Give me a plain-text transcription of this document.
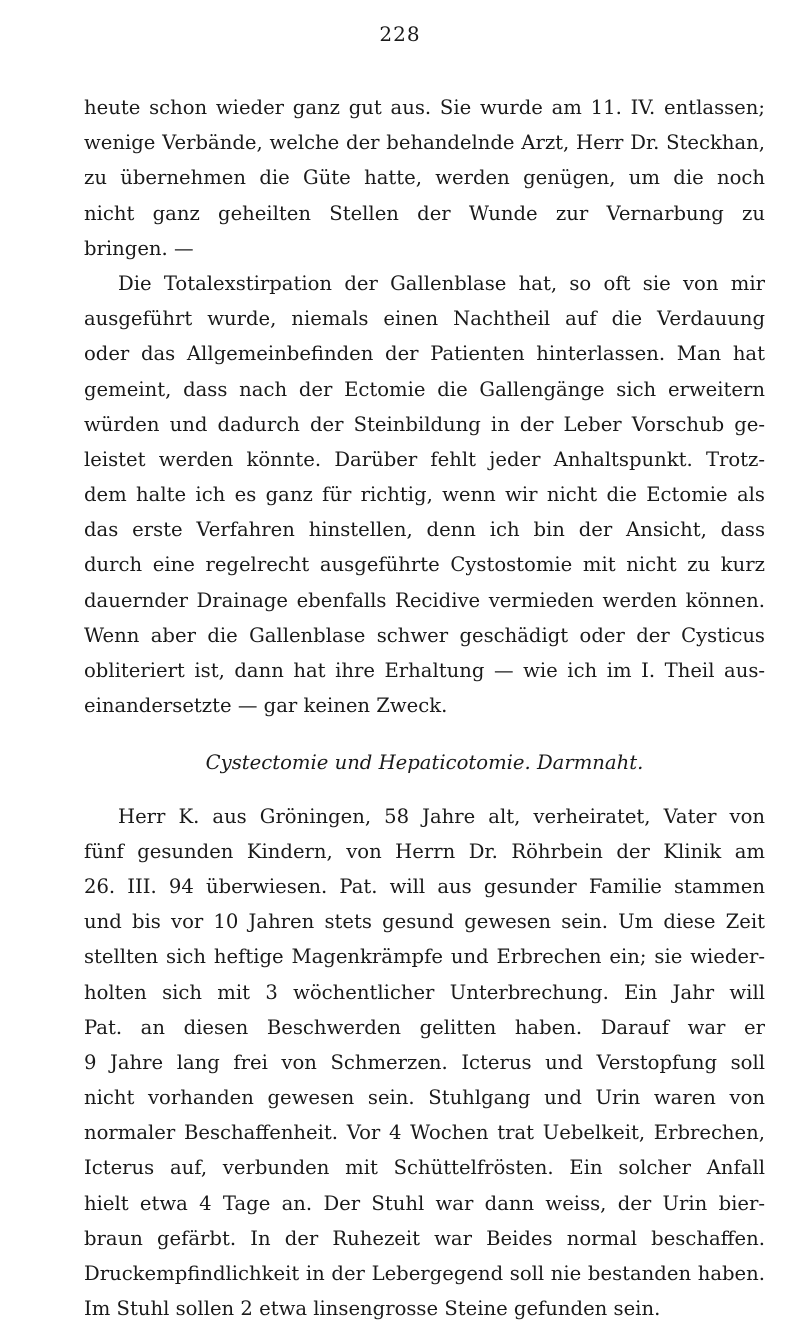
228
heute schon wieder ganz gut aus. Sie wurde am 11. IV. entlassen;
wenige Verbände, welche der behandelnde Arzt, Herr Dr. Steckhan,
zu übernehmen die Güte hatte, werden genügen, um die noch
nicht ganz geheilten Stellen der Wunde zur Vernarbung zu
bringen. —
Die Totalexstirpation der Gallenblase hat, so oft sie von mir
ausgeführt wurde, niemals einen Nachtheil auf die Verdauung
oder das Allgemeinbefinden der Patienten hinterlassen. Man hat
gemeint, dass nach der Ectomie die Gallengänge sich erweitern
würden und dadurch der Steinbildung in der Leber Vorschub ge-
leistet werden könnte. Darüber fehlt jeder Anhaltspunkt. Trotz-
dem halte ich es ganz für richtig, wenn wir nicht die Ectomie als
das erste Verfahren hinstellen, denn ich bin der Ansicht, dass
durch eine regelrecht ausgeführte Cystostomie mit nicht zu kurz
dauernder Drainage ebenfalls Recidive vermieden werden können.
Wenn aber die Gallenblase schwer geschädigt oder der Cysticus
obliteriert ist, dann hat ihre Erhaltung — wie ich im I. Theil aus-
einandersetzte — gar keinen Zweck.
Cystectomie und Hepaticotomie. Darmnaht.
Herr K. aus Gröningen, 58 Jahre alt, verheiratet, Vater von
fünf gesunden Kindern, von Herrn Dr. Röhrbein der Klinik am
26. III. 94 überwiesen. Pat. will aus gesunder Familie stammen
und bis vor 10 Jahren stets gesund gewesen sein. Um diese Zeit
stellten sich heftige Magenkrämpfe und Erbrechen ein; sie wieder-
holten sich mit 3 wöchentlicher Unterbrechung. Ein Jahr will
Pat. an diesen Beschwerden gelitten haben. Darauf war er
9 Jahre lang frei von Schmerzen. Icterus und Verstopfung soll
nicht vorhanden gewesen sein. Stuhlgang und Urin waren von
normaler Beschaffenheit. Vor 4 Wochen trat Uebelkeit, Erbrechen,
Icterus auf, verbunden mit Schüttelfrösten. Ein solcher Anfall
hielt etwa 4 Tage an. Der Stuhl war dann weiss, der Urin bier-
braun gefärbt. In der Ruhezeit war Beides normal beschaffen.
Druckempfindlichkeit in der Lebergegend soll nie bestanden haben.
Im Stuhl sollen 2 etwa linsengrosse Steine gefunden sein.
